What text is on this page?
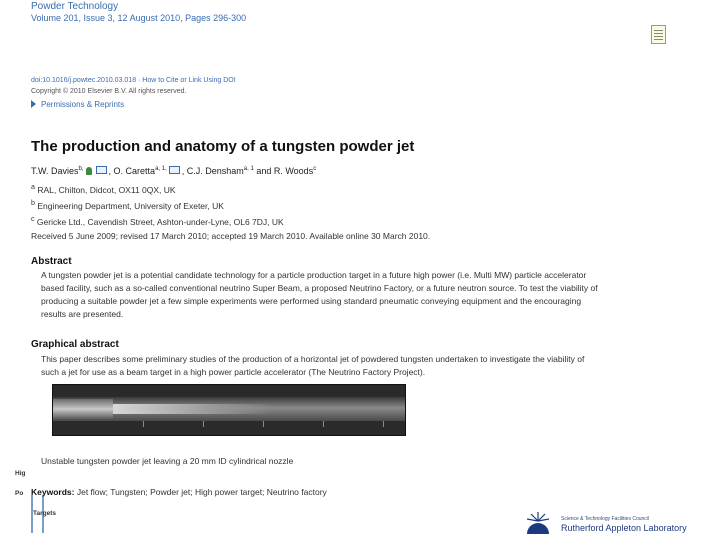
Powder Technology
Volume 201, Issue 3, 12 August 2010, Pages 296-300
doi:10.1016/j.powtec.2010.03.018 · How to Cite or Link Using DOI
Copyright © 2010 Elsevier B.V. All rights reserved.
Permissions & Reprints
The production and anatomy of a tungsten powder jet
T.W. Davies$^{b,}$	, O. Caretta$^{a, 1,}$ , C.J. Densham$^{a, 1}$ and R. Woods$^c$
$^a$ RAL, Chilton, Didcot, OX11 0QX, UK
$^b$ Engineering Department, University of Exeter, UK
$^c$ Gericke Ltd., Cavendish Street, Ashton-under-Lyne, OL6 7DJ, UK
Received 5 June 2009; revised 17 March 2010; accepted 19 March 2010. Available online 30 March 2010.
Abstract
A tungsten powder jet is a potential candidate technology for a particle production target in a future high power (i.e. Multi MW) particle accelerator
based facility, such as a so-called conventional neutrino Super Beam, a proposed Neutrino Factory, or a future neutron source. To test the viability of
producing a suitable powder jet a few simple experiments were performed using standard pneumatic conveying equipment and the encouraging
results are presented.
Graphical abstract
This paper describes some preliminary studies of the production of a horizontal jet of powdered tungsten undertaken to investigate the viability of
such a jet for use as a beam target in a high power particle accelerator (The Neutrino Factory Project).
Unstable tungsten powder jet leaving a 20 mm ID cylindrical nozzle
Hig
Po
Targets
Keywords: Jet flow; Tungsten; Powder jet; High power target; Neutrino factory
Science & Technology Facilities Council
Rutherford Appleton Laboratory
